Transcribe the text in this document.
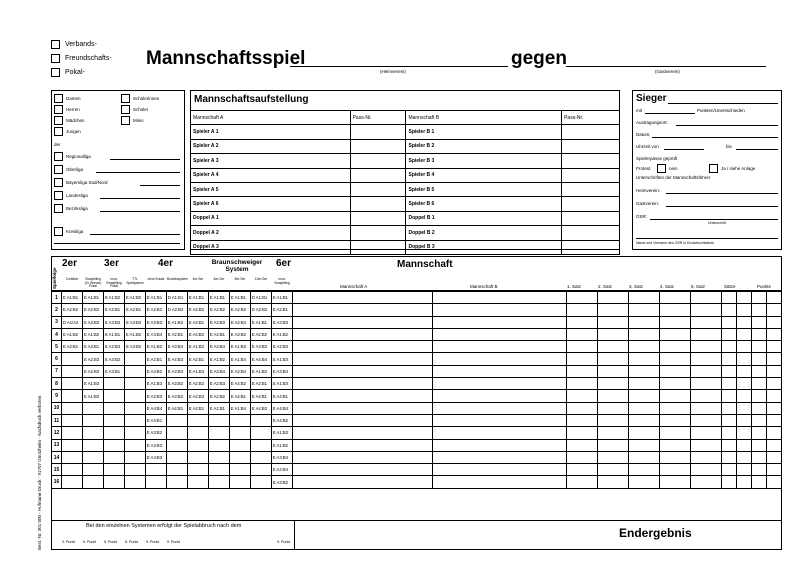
Verbands-
Freundschafts-
Pokal-
Mannschaftsspiel
(Heimverein)
gegen
(Gastverein)
Damen
Herren
Mädchen
Jungen
Schülerinnen
Schüler
Minis
der
Regionalliga
Oberliga
Bayernliga Süd/Nord
Landesliga
Bezirksliga
Kreisliga
Mannschaftsaufstellung
Mannschaft A	Pass-Nr.	Mannschaft B	Pass-Nr.
Spieler A 1		Spieler B 1	
Spieler A 2		Spieler B 2	
Spieler A 3		Spieler B 3	
Spieler A 4		Spieler B 4	
Spieler A 5		Spieler B 5	
Spieler A 6		Spieler B 6	
Doppel A 1		Doppel B 1	
Doppel A 2		Doppel B 2	
Doppel A 3		Doppel B 3	
Sieger
mit	Punkten/Unentschieden
Austragungsort:
Datum:
Uhrzeit von	bis
Spielerpässe geprüft
Protest	nein	Ja / siehe Anlage
Unterschriften der Mannschaftsführer
Heimverein:
Gastverein:
OSR:
Unterschrift
Name und Vorname des OSR in Druckbuchstaben
Best.-Nr. 301 000 - Hofmann-Druck · 91707 Gnotzheim · Nachdruck verboten
Spielfolge
2er	3er	4er	Braunschweiger System
6er	Mannschaft
Corbillon	Swaythling (Kl. Bresse) Pokal
mod. Swaythling Pokal
TTL Spielsystem
ohne Ersatz Bundessystem	4er-Ser	6er-Ser	8er-Ser	10er-Ser	mod. Swaythling
Mannschaft A	Mannschaft B	1. Satz	2. Satz	3. Satz	4. Satz	5. Satz	Sätze	Punkte
1	E A1:B1	E A1:B1	E A1:B2	E A1:B2	E A1:B1	D A1:B1	E A1:B1	E A1:B1	E A1:B1	D A1:B1	E A1:B1											
2	E A2:B2	E A2:B2	E A2:B1	E A2:B1	E A2:B2	D A2:B2	E A2:B2	E A2:B2	E A2:B2	D A2:B2	E A2:B1											
3	D A1/A2	E A3:B3	E A3:B3	E A3:B3	E A3:B3	E A1:B2	E A3:B1	E A3:B3	E A2:B4	E A1:B1	E A3:B3											
4	E A1:B2	E A1:B2	E A1:B1	E A1:B2	E A4:B4	E A2:B1	E A4:B2	E A4:B1	E A3:B2	E A2:B2	E A1:B2											
5	E A2:B1	E A3:B1	E A2:B3	E A3:B2	E A1:B2	E A3:B4	E A1:B2	E A3:B4	E A1:B3	E A3:B3	E A2:B3											
6		E A2:B3	E A3:B2		E A2:B1	E A4:B3	E A2:B1	E A1:B2	E A1:B4	E A4:B4	E A1:B3											
7		E A2:B3	E A3:B1		E A4:B2	E A3:B3	E A1:B3	E A3:B4	E A2:B4	E A1:B2	E A3:B4											
8		E A1:B3			E A1:B3	E A3:B2	E A2:B2	E A2:B3	E A4:B2	E A2:B1	E A1:B3											
9		E A1:B3			E A2:B3	E A3:B2	E A2:B3	E A2:B2	E A2:B1	E A4:B1	E A4:B1											
10					E A4:B4	E A4:B1	E A4:B1	E A1:B1	E A1:B4	E A4:B3	E A4:B4											
11					E A4:B1						E A4:B2											
12					E A3:B2						E A1:B3											
13					E A3:B3						E A1:B2											
14					E A4:B3						E A3:B4											
15											E A4:B4											
16											E A3:B2											
Bei den einzelnen Systemen erfolgt der Spielabbruch nach dem
3. Punkt 5. Punkt 5. Punkt 8. Punkt 9. Punkt 9. Punkt	9. Punkt
Endergebnis
